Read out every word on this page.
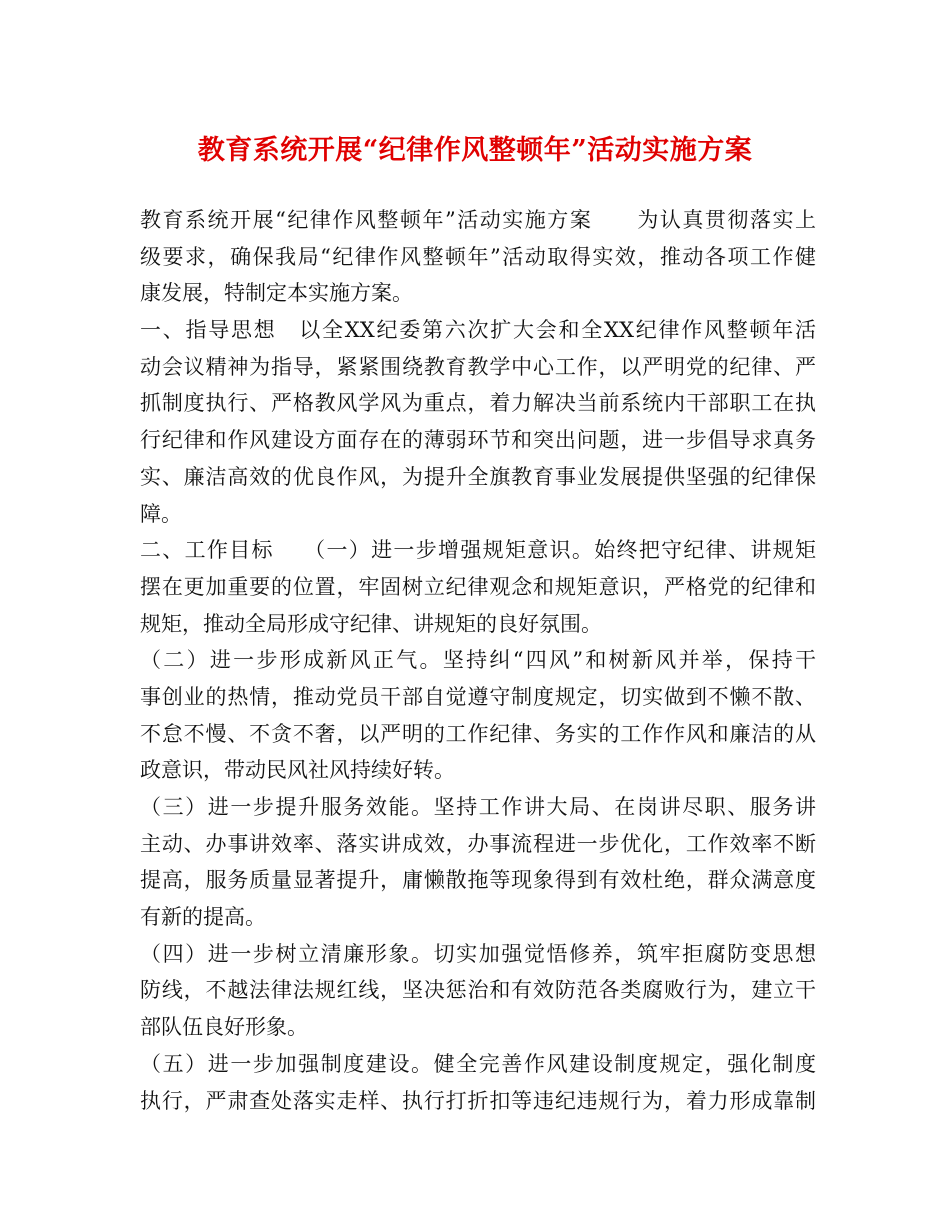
教育系统开展“纪律作风整顿年”活动实施方案
教育系统开展“纪律作风整顿年”活动实施方案　　为认真贯彻落实上
级要求，确保我局“纪律作风整顿年”活动取得实效，推动各项工作健
康发展，特制定本实施方案。
一、指导思想　以全XX纪委第六次扩大会和全XX纪律作风整顿年活
动会议精神为指导，紧紧围绕教育教学中心工作，以严明党的纪律、严
抓制度执行、严格教风学风为重点，着力解决当前系统内干部职工在执
行纪律和作风建设方面存在的薄弱环节和突出问题，进一步倡导求真务
实、廉洁高效的优良作风，为提升全旗教育事业发展提供坚强的纪律保
障。
二、工作目标　 （一）进一步增强规矩意识。始终把守纪律、讲规矩
摆在更加重要的位置，牢固树立纪律观念和规矩意识，严格党的纪律和
规矩，推动全局形成守纪律、讲规矩的良好氛围。
（二）进一步形成新风正气。坚持纠“四风”和树新风并举，保持干
事创业的热情，推动党员干部自觉遵守制度规定，切实做到不懒不散、
不怠不慢、不贪不奢，以严明的工作纪律、务实的工作作风和廉洁的从
政意识，带动民风社风持续好转。
（三）进一步提升服务效能。坚持工作讲大局、在岗讲尽职、服务讲
主动、办事讲效率、落实讲成效，办事流程进一步优化，工作效率不断
提高，服务质量显著提升，庸懒散拖等现象得到有效杜绝，群众满意度
有新的提高。
（四）进一步树立清廉形象。切实加强觉悟修养，筑牢拒腐防变思想
防线，不越法律法规红线，坚决惩治和有效防范各类腐败行为，建立干
部队伍良好形象。
（五）进一步加强制度建设。健全完善作风建设制度规定，强化制度
执行，严肃查处落实走样、执行打折扣等违纪违规行为，着力形成靠制
